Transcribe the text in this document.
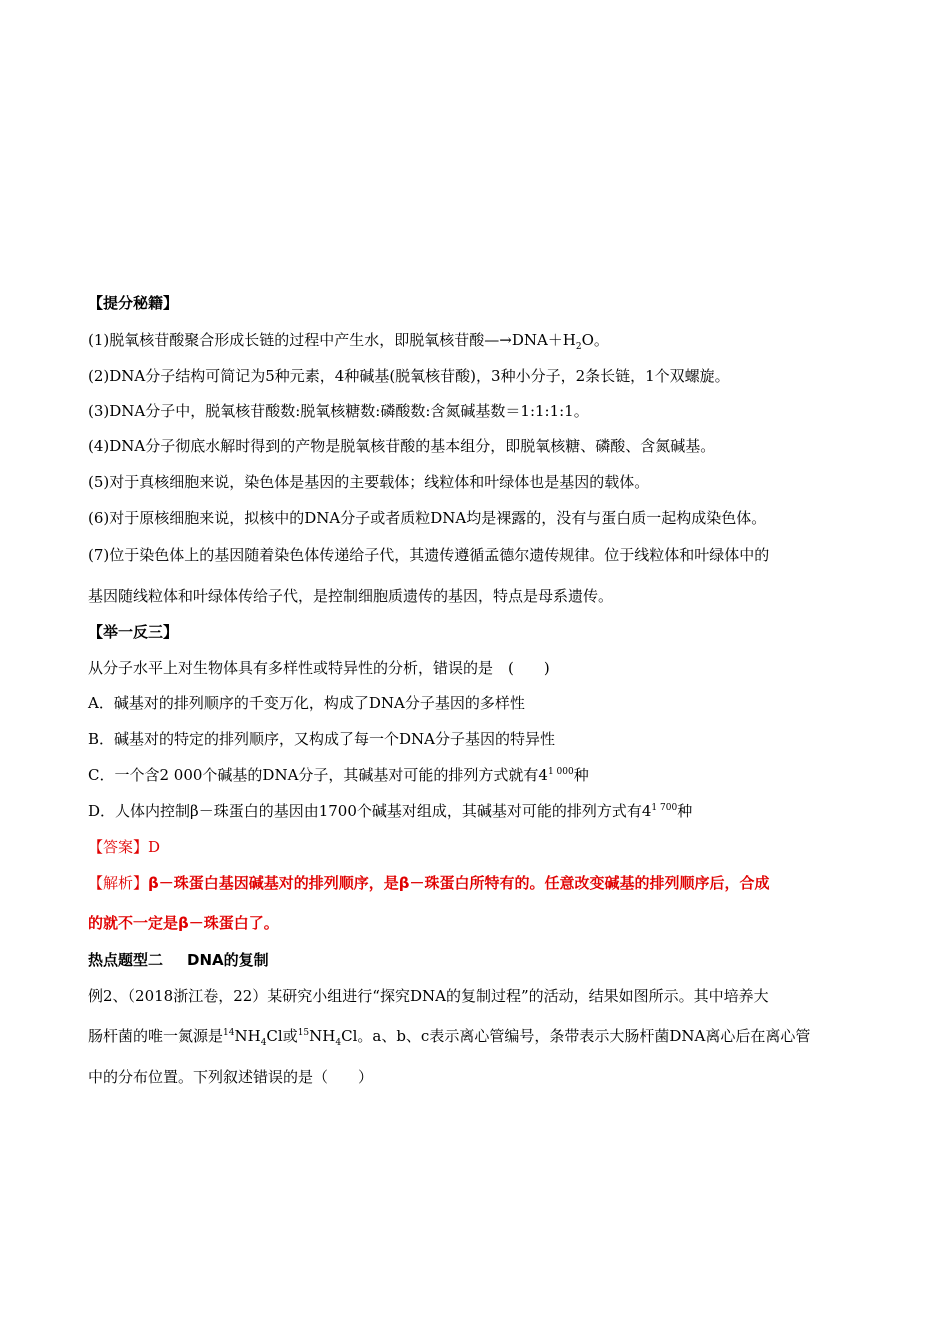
【提分秘籍】
(1)脱氧核苷酸聚合形成长链的过程中产生水，即脱氧核苷酸$—\to DNA+H_2O$。
(2)DNA分子结构可简记为5种元素，4种碱基(脱氧核苷酸)，3种小分子，2条长链，1个双螺旋。
(3)DNA分子中，脱氧核苷酸数:脱氧核糖数:磷酸数:含氮碱基数＝1:1:1:1。
(4)DNA分子彻底水解时得到的产物是脱氧核苷酸的基本组分，即脱氧核糖、磷酸、含氮碱基。
(5)对于真核细胞来说，染色体是基因的主要载体；线粒体和叶绿体也是基因的载体。
(6)对于原核细胞来说，拟核中的DNA分子或者质粒DNA均是裸露的，没有与蛋白质一起构成染色体。
(7)位于染色体上的基因随着染色体传递给子代，其遗传遵循孟德尔遗传规律。位于线粒体和叶绿体中的
基因随线粒体和叶绿体传给子代，是控制细胞质遗传的基因，特点是母系遗传。
【举一反三】
从分子水平上对生物体具有多样性或特异性的分析，错误的是　(　　)
A．碱基对的排列顺序的千变万化，构成了DNA分子基因的多样性
B．碱基对的特定的排列顺序，又构成了每一个DNA分子基因的特异性
C．一个含2 000个碱基的DNA分子，其碱基对可能的排列方式就有$4^{1 000}$种
D．人体内控制β－珠蛋白的基因由1700个碱基对组成，其碱基对可能的排列方式有$4^{1 700}$种
【答案】D
【解析】β－珠蛋白基因碱基对的排列顺序，是β－珠蛋白所特有的。任意改变碱基的排列顺序后，合成
的就不一定是β－珠蛋白了。
热点题型二 DNA的复制
例2、（2018浙江卷，22）某研究小组进行“探究DNA的复制过程”的活动，结果如图所示。其中培养大
肠杆菌的唯一氮源是$^{14}NH_4Cl$或$^{15}NH_4Cl$。a、b、c表示离心管编号，条带表示大肠杆菌DNA离心后在离心管
中的分布位置。下列叙述错误的是（　　）
